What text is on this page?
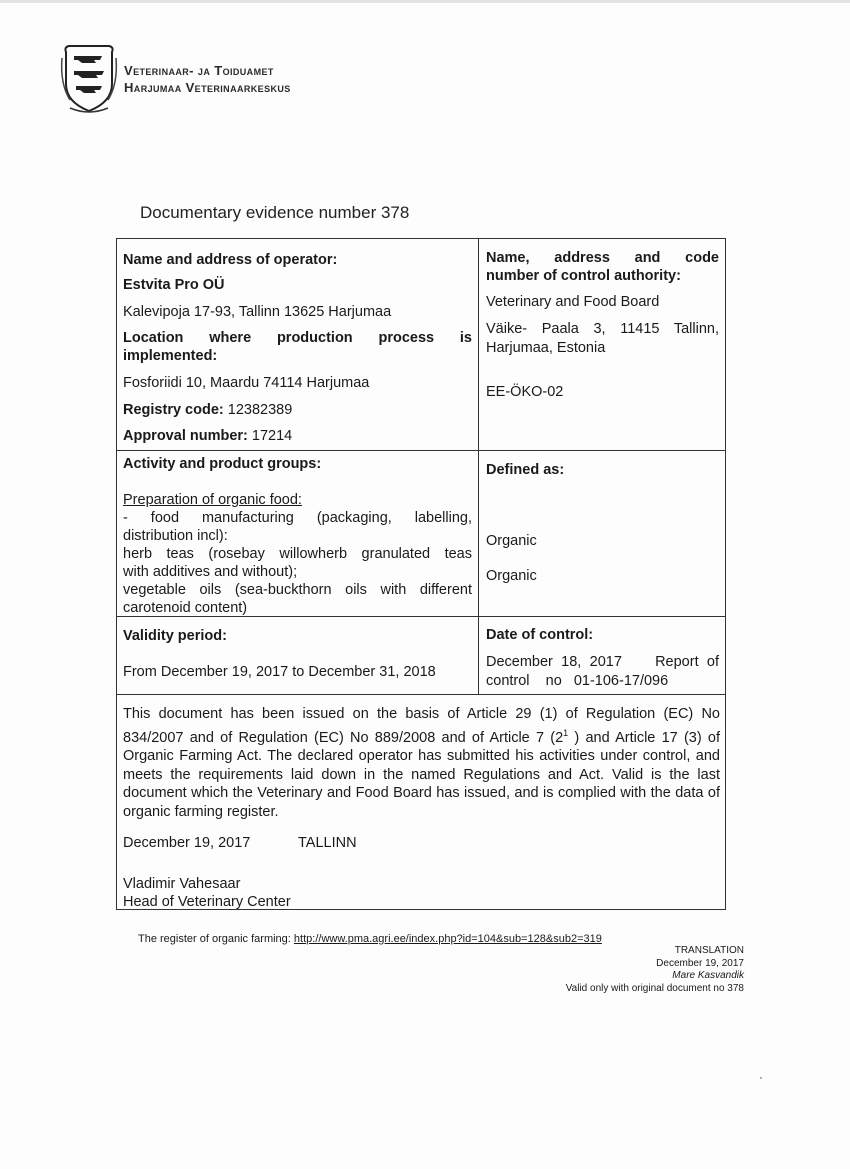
Veterinaar- ja Toiduamet
Harjumaa Veterinaarkeskus
Documentary evidence number 378
Name and address of operator:
Estvita Pro OÜ
Kalevipoja 17-93, Tallinn 13625 Harjumaa
Location where production process is
implemented:
Fosforiidi 10, Maardu 74114 Harjumaa
Registry code: 12382389
Approval number: 17214
Name, address and code
number of control authority:
Veterinary and Food Board
Väike- Paala 3, 11415 Tallinn,
Harjumaa, Estonia
EE-ÖKO-02
Activity and product groups:
Preparation of organic food:
- food manufacturing (packaging, labelling,
distribution incl):
herb teas (rosebay willowherb granulated teas
with additives and without);
vegetable oils (sea-buckthorn oils with different
carotenoid content)
Defined as:
Organic
Organic
Validity period:
From December 19, 2017 to December 31, 2018
Date of control:
December 18, 2017    Report of
control    no   01-106-17/096
This document has been issued on the basis of Article 29 (1) of Regulation (EC) No 834/2007 and of Regulation (EC) No 889/2008 and of Article 7 ($2^1$ ) and Article 17 (3) of Organic Farming Act. The declared operator has submitted his activities under control, and meets the requirements laid down in the named Regulations and Act. Valid is the last document which the Veterinary and Food Board has issued, and is complied with the data of organic farming register.
December 19, 2017	TALLINN
Vladimir Vahesaar
Head of Veterinary Center
The register of organic farming: http://www.pma.agri.ee/index.php?id=104&sub=128&sub2=319
TRANSLATION
December 19, 2017
Mare Kasvandik
Valid only with original document no 378
